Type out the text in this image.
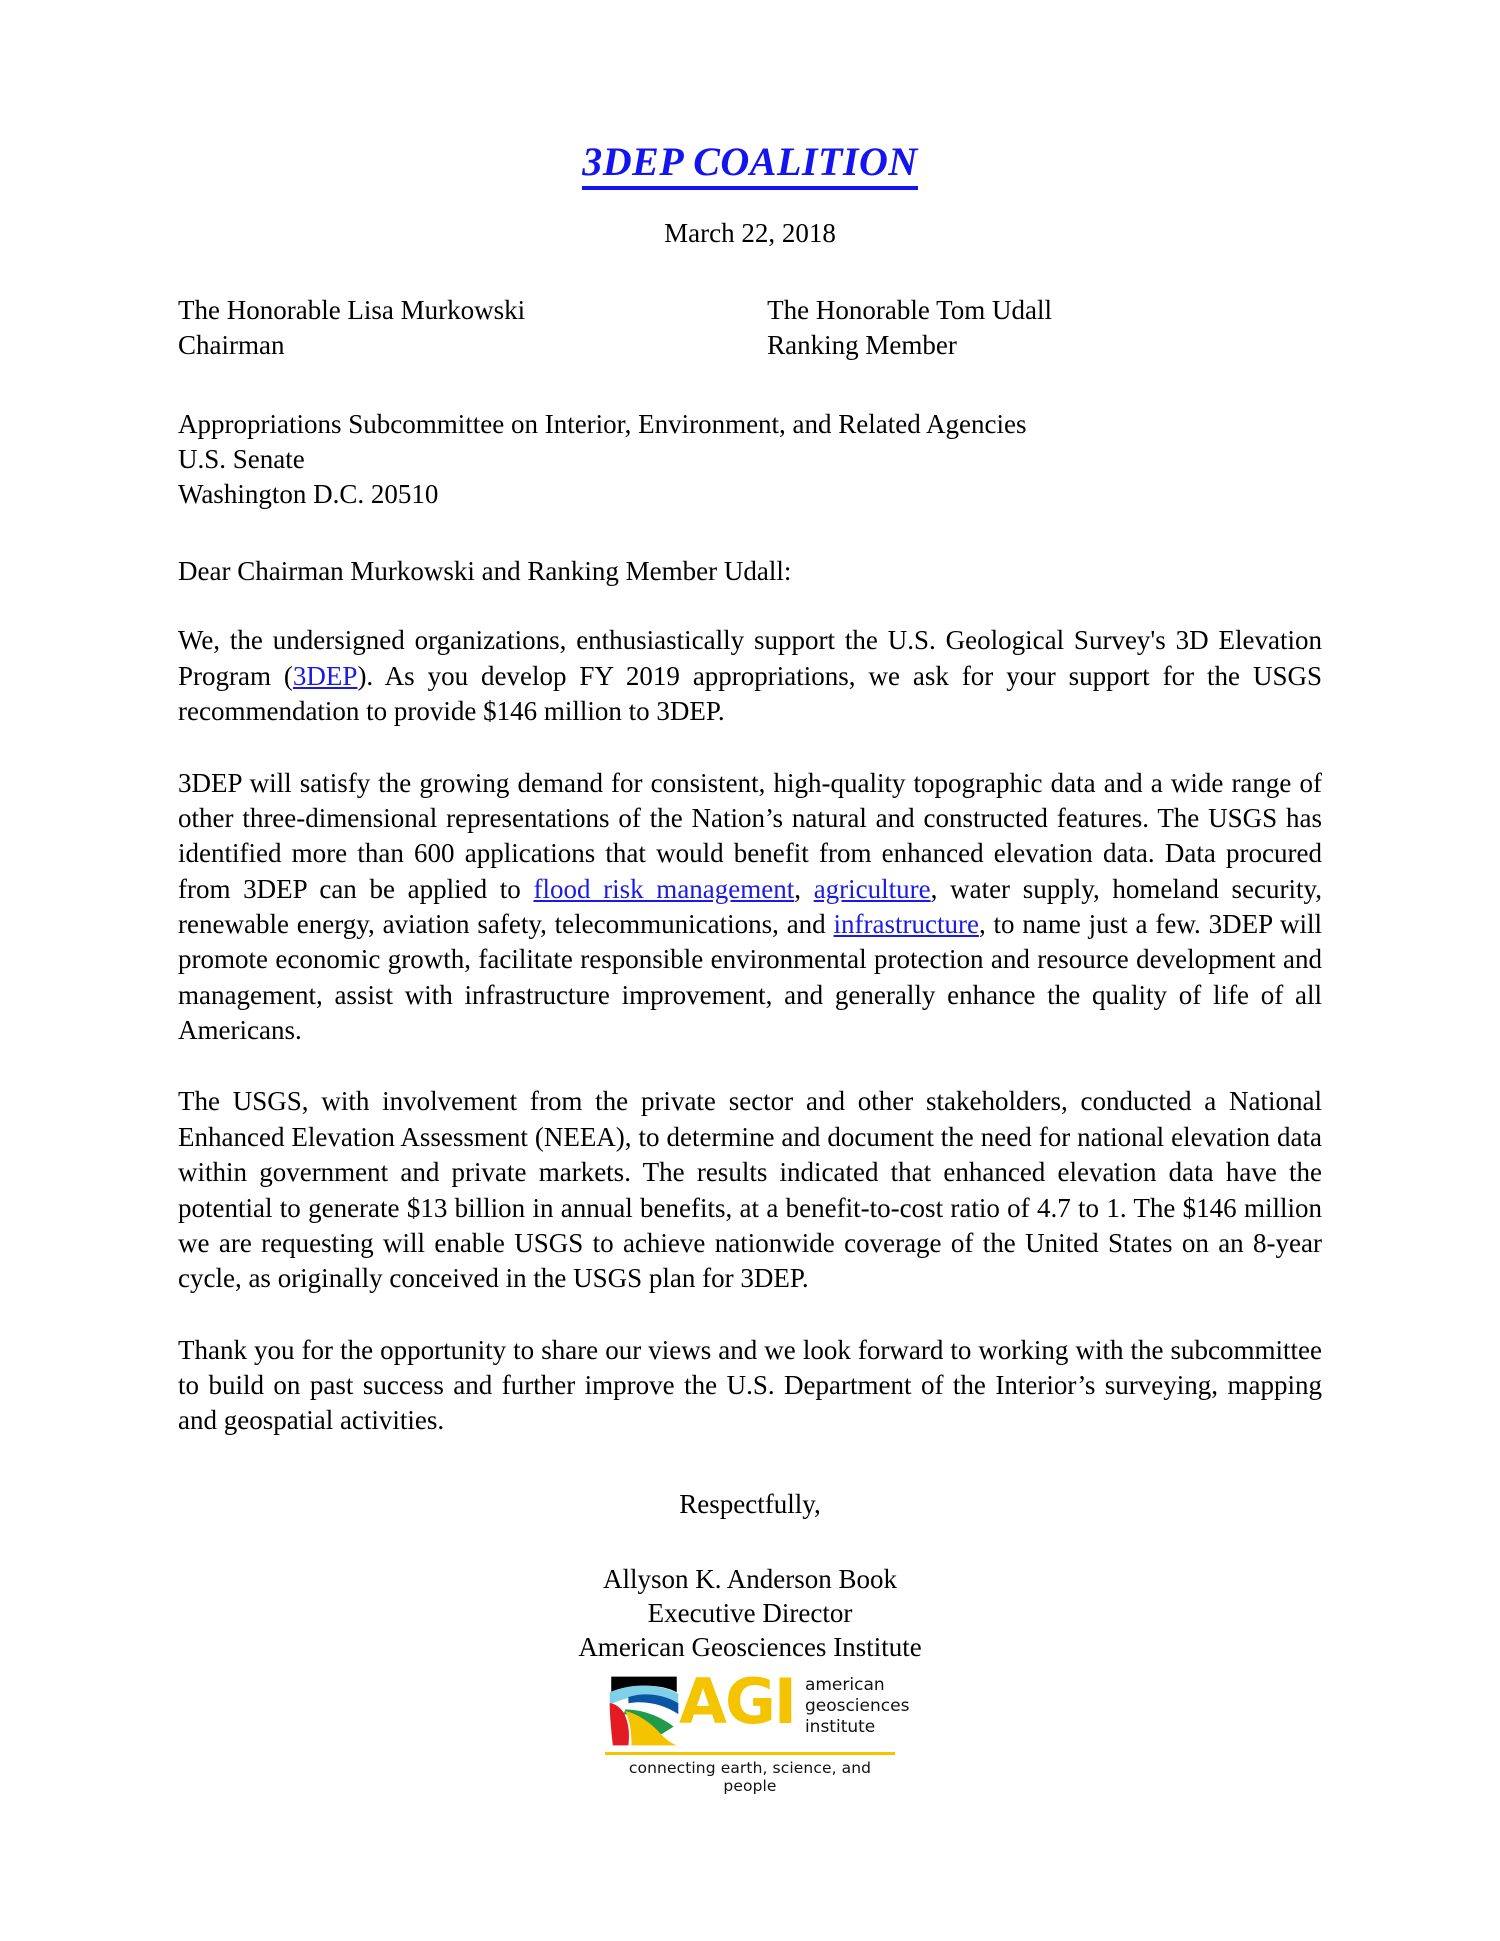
3DEP COALITION
March 22, 2018
The Honorable Lisa Murkowski
Chairman
The Honorable Tom Udall
Ranking Member
Appropriations Subcommittee on Interior, Environment, and Related Agencies
U.S. Senate
Washington D.C. 20510
Dear Chairman Murkowski and Ranking Member Udall:

We, the undersigned organizations, enthusiastically support the U.S. Geological Survey's 3D Elevation Program (3DEP). As you develop FY 2019 appropriations, we ask for your support for the USGS recommendation to provide $146 million to 3DEP.

3DEP will satisfy the growing demand for consistent, high-quality topographic data and a wide range of other three-dimensional representations of the Nation’s natural and constructed features. The USGS has identified more than 600 applications that would benefit from enhanced elevation data. Data procured from 3DEP can be applied to flood risk management, agriculture, water supply, homeland security, renewable energy, aviation safety, telecommunications, and infrastructure, to name just a few. 3DEP will promote economic growth, facilitate responsible environmental protection and resource development and management, assist with infrastructure improvement, and generally enhance the quality of life of all Americans.

The USGS, with involvement from the private sector and other stakeholders, conducted a National Enhanced Elevation Assessment (NEEA), to determine and document the need for national elevation data within government and private markets. The results indicated that enhanced elevation data have the potential to generate $13 billion in annual benefits, at a benefit-to-cost ratio of 4.7 to 1. The $146 million we are requesting will enable USGS to achieve nationwide coverage of the United States on an 8-year cycle, as originally conceived in the USGS plan for 3DEP.

Thank you for the opportunity to share our views and we look forward to working with the subcommittee to build on past success and further improve the U.S. Department of the Interior’s surveying, mapping and geospatial activities.

Respectfully,
Allyson K. Anderson Book
Executive Director
American Geosciences Institute
AGI american
geosciences
institute
connecting earth, science, and people
